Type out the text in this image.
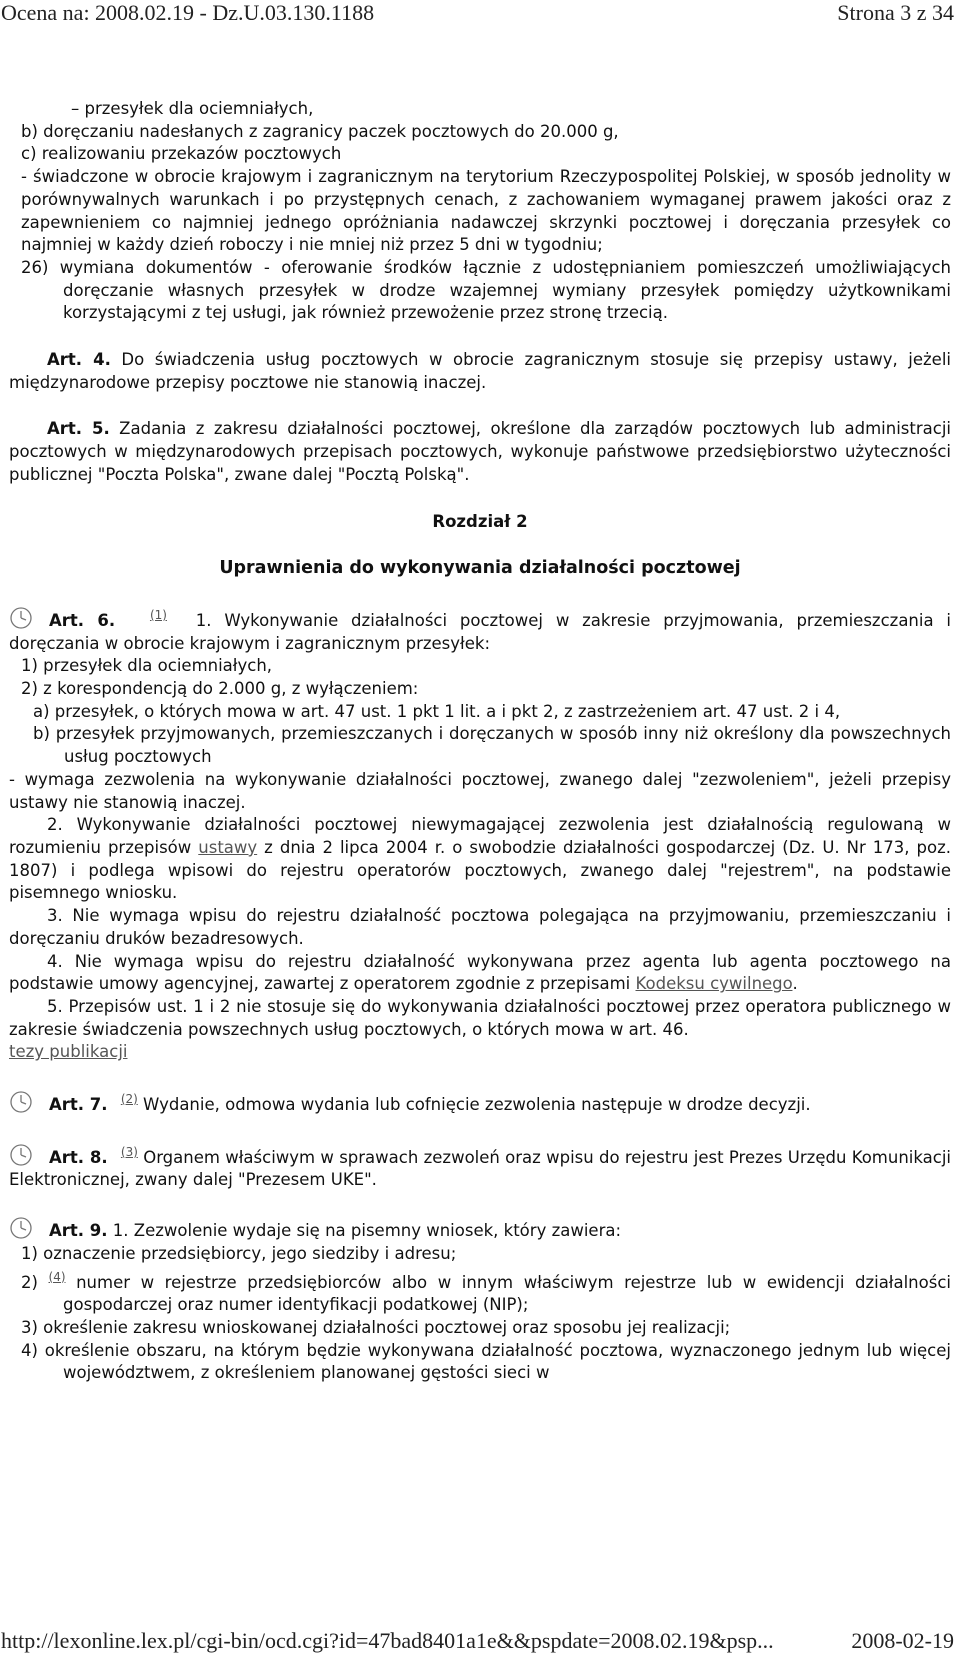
Ocena na: 2008.02.19 - Dz.U.03.130.1188	Strona 3 z 34

– przesyłek dla ociemniałych,

b) doręczaniu nadesłanych z zagranicy paczek pocztowych do 20.000 g,

c) realizowaniu przekazów pocztowych

- świadczone w obrocie krajowym i zagranicznym na terytorium Rzeczypospolitej Polskiej, w sposób jednolity w porównywalnych warunkach i po przystępnych cenach, z zachowaniem wymaganej prawem jakości oraz z zapewnieniem co najmniej jednego opróżniania nadawczej skrzynki pocztowej i doręczania przesyłek co najmniej w każdy dzień roboczy i nie mniej niż przez 5 dni w tygodniu;

26) wymiana dokumentów - oferowanie środków łącznie z udostępnianiem pomieszczeń umożliwiających doręczanie własnych przesyłek w drodze wzajemnej wymiany przesyłek pomiędzy użytkownikami korzystającymi z tej usługi, jak również przewożenie przez stronę trzecią.

Art. 4. Do świadczenia usług pocztowych w obrocie zagranicznym stosuje się przepisy ustawy, jeżeli międzynarodowe przepisy pocztowe nie stanowią inaczej.

Art. 5. Zadania z zakresu działalności pocztowej, określone dla zarządów pocztowych lub administracji pocztowych w międzynarodowych przepisach pocztowych, wykonuje państwowe przedsiębiorstwo użyteczności publicznej "Poczta Polska", zwane dalej "Pocztą Polską".

Rozdział 2

Uprawnienia do wykonywania działalności pocztowej

Art. 6.	$^{(1)}$ 1. Wykonywanie działalności pocztowej w zakresie przyjmowania, przemieszczania i doręczania w obrocie krajowym i zagranicznym przesyłek:

1) przesyłek dla ociemniałych,

2) z korespondencją do 2.000 g, z wyłączeniem:

a) przesyłek, o których mowa w art. 47 ust. 1 pkt 1 lit. a i pkt 2, z zastrzeżeniem art. 47 ust. 2 i 4,

b) przesyłek przyjmowanych, przemieszczanych i doręczanych w sposób inny niż określony dla powszechnych usług pocztowych

- wymaga zezwolenia na wykonywanie działalności pocztowej, zwanego dalej "zezwoleniem", jeżeli przepisy ustawy nie stanowią inaczej.

2. Wykonywanie działalności pocztowej niewymagającej zezwolenia jest działalnością regulowaną w rozumieniu przepisów ustawy z dnia 2 lipca 2004 r. o swobodzie działalności gospodarczej (Dz. U. Nr 173, poz. 1807) i podlega wpisowi do rejestru operatorów pocztowych, zwanego dalej "rejestrem", na podstawie pisemnego wniosku.

3. Nie wymaga wpisu do rejestru działalność pocztowa polegająca na przyjmowaniu, przemieszczaniu i doręczaniu druków bezadresowych.

4. Nie wymaga wpisu do rejestru działalność wykonywana przez agenta lub agenta pocztowego na podstawie umowy agencyjnej, zawartej z operatorem zgodnie z przepisami Kodeksu cywilnego.

5. Przepisów ust. 1 i 2 nie stosuje się do wykonywania działalności pocztowej przez operatora publicznego w zakresie świadczenia powszechnych usług pocztowych, o których mowa w art. 46.

tezy publikacji

Art. 7. $^{(2)}$ Wydanie, odmowa wydania lub cofnięcie zezwolenia następuje w drodze decyzji.

Art. 8. $^{(3)}$ Organem właściwym w sprawach zezwoleń oraz wpisu do rejestru jest Prezes Urzędu Komunikacji Elektronicznej, zwany dalej "Prezesem UKE".

Art. 9. 1. Zezwolenie wydaje się na pisemny wniosek, który zawiera:

1) oznaczenie przedsiębiorcy, jego siedziby i adresu;

2) $^{(4)}$ numer w rejestrze przedsiębiorców albo w innym właściwym rejestrze lub w ewidencji działalności gospodarczej oraz numer identyfikacji podatkowej (NIP);

3) określenie zakresu wnioskowanej działalności pocztowej oraz sposobu jej realizacji;

4) określenie obszaru, na którym będzie wykonywana działalność pocztowa, wyznaczonego jednym lub więcej województwem, z określeniem planowanej gęstości sieci w

http://lexonline.lex.pl/cgi-bin/ocd.cgi?id=47bad8401a1e&&pspdate=2008.02.19&psp...	2008-02-19
